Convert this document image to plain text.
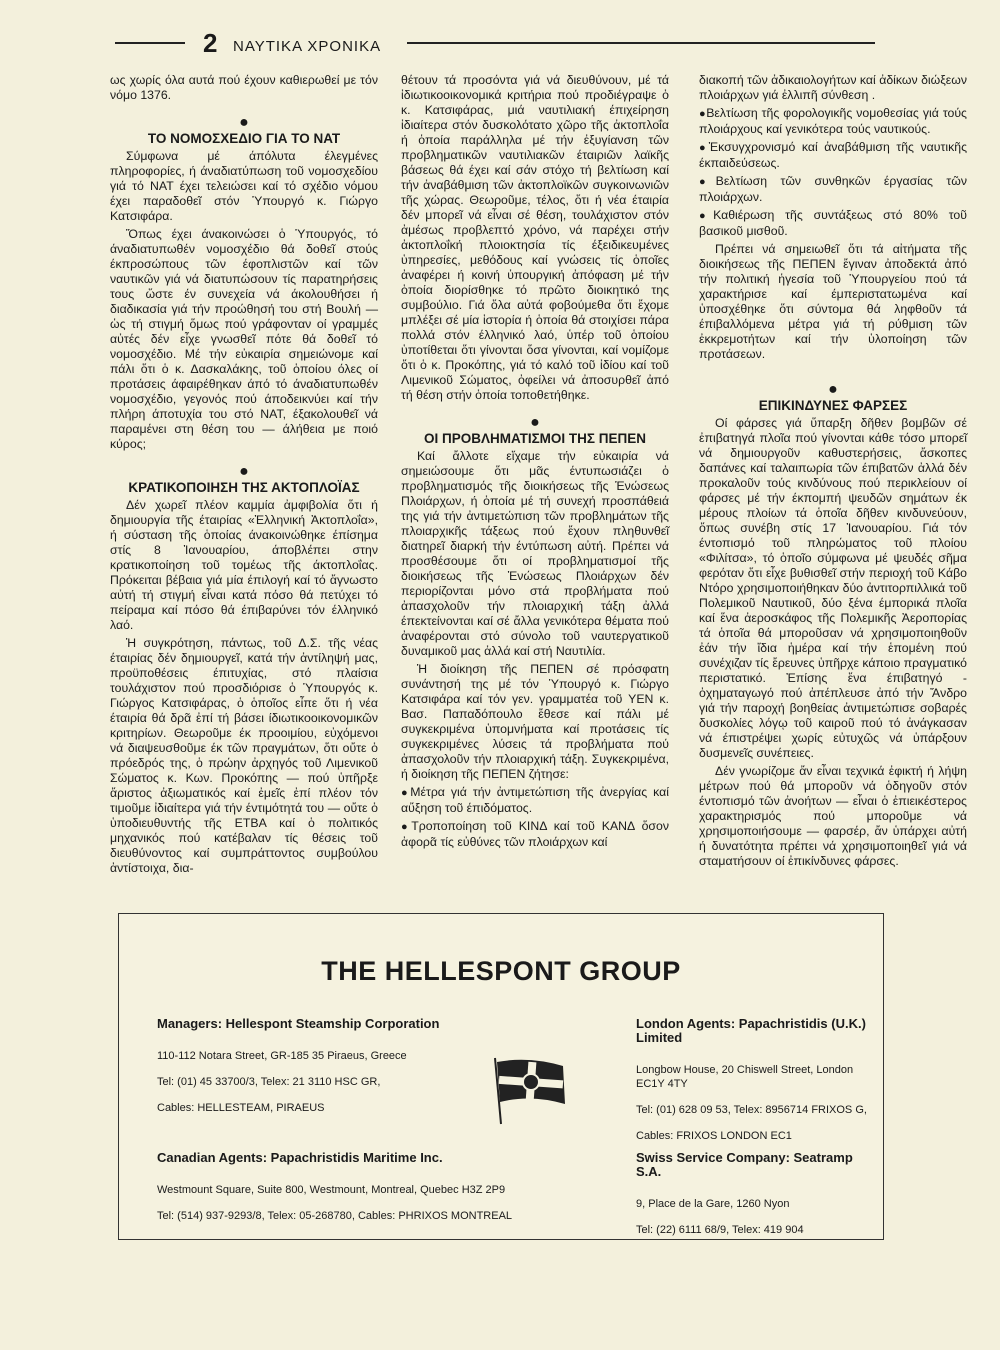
2 ΝΑΥΤΙΚΑ ΧΡΟΝΙΚΑ

ως χωρίς όλα αυτά πού έχουν καθιερωθεί με τόν νόμο 1376.

●
ΤΟ ΝΟΜΟΣΧΕΔΙΟ ΓΙΑ ΤΟ ΝΑΤ

Σύμφωνα μέ άπόλυτα έλεγμένες πληροφορίες, ή άναδιατύπωση τοῦ νομοσχεδίου γιά τό ΝΑΤ έχει τελειώσει καί τό σχέδιο νόμου έχει παραδοθεῖ στόν Ὑπουργό κ. Γιώργο Κατσιφάρα.

Ὅπως έχει άνακοινώσει ὁ Ὑπουργός, τό άναδιατυπωθέν νομοσχέδιο θά δοθεῖ στούς έκπροσώπους τῶν έφοπλιστῶν καί τῶν ναυτικῶν γιά νά διατυπώσουν τίς παρατηρήσεις τους ὥστε έν συνεχεία νά άκολουθήσει ή διαδικασία γιά τήν προώθησή του στή Βουλή — ὡς τή στιγμή ὅμως πού γράφονταν οί γραμμές αὐτές δέν εἶχε γνωσθεῖ πότε θά δοθεῖ τό νομοσχέδιο. Μέ τήν εὐκαιρία σημειώνομε καί πάλι ὅτι ὁ κ. Δασκαλάκης, τοῦ ὁποίου όλες οί προτάσεις άφαιρέθηκαν άπό τό άναδιατυπωθέν νομοσχέδιο, γεγονός πού άποδεικνύει καί τήν πλήρη άποτυχία του στό ΝΑΤ, έξακολουθεῖ νά παραμένει στη θέση του — άλήθεια με ποιό κύρος;

●
ΚΡΑΤΙΚΟΠΟΙΗΣΗ ΤΗΣ ΑΚΤΟΠΛΟΪΑΣ

Δέν χωρεῖ πλέον καμμία ἀμφιβολία ὅτι ή δημιουργία τῆς έταιρίας «Ἐλληνική Ἀκτοπλοΐα», ή σύσταση τῆς ὁποίας άνακοινώθηκε έπίσημα στίς 8 Ἰανουαρίου, άποβλέπει στην κρατικοποίηση τοῦ τομέως τῆς άκτοπλοΐας. Πρόκειται βέβαια γιά μία έπιλογή καί τό ἄγνωστο αὐτή τή στιγμή εἶναι κατά πόσο θά πετύχει τό πείραμα καί πόσο θά έπιβαρύνει τόν έλληνικό λαό.

Ἡ συγκρότηση, πάντως, τοῦ Δ.Σ. τῆς νέας έταιρίας δέν δημιουργεῖ, κατά τήν ἀντίληψή μας, προϋποθέσεις έπιτυχίας, στό πλαίσια τουλάχιστον πού προσδιόρισε ὁ Ὑπουργός κ. Γιώργος Κατσιφάρας, ὁ ὁποῖος εἶπε ὅτι ή νέα έταιρία θά δρᾶ ἐπί τή βάσει ίδιωτικοοικονομικῶν κριτηρίων. Θεωροῦμε έκ προοιμίου, εὐχόμενοι νά διαψευσθοῦμε έκ τῶν πραγμάτων, ὅτι οὔτε ὁ πρόεδρός της, ὁ πρώην ἀρχηγός τοῦ Λιμενικοῦ Σώματος κ. Κων. Προκόπης — πού ὑπῆρξε ἄριστος ἀξιωματικός καί ἐμεῖς ἐπί πλέον τόν τιμοῦμε ἰδιαίτερα γιά τήν έντιμότητά του — οὔτε ὁ ὑποδιευθυντής τῆς ΕΤΒΑ καί ὁ πολιτικός μηχανικός πού κατέβαλαν τίς θέσεις τοῦ διευθύνοντος καί συμπράττοντος συμβούλου ἀντίστοιχα, δια-

θέτουν τά προσόντα γιά νά διευθύνουν, μέ τά ἰδιωτικοοικονομικά κριτήρια πού προδιέγραψε ὁ κ. Κατσιφάρας, μιά ναυτιλιακή έπιχείρηση ἰδιαίτερα στόν δυσκολότατο χῶρο τῆς ἀκτοπλοΐα ή ὁποία παράλληλα μέ τήν ἐξυγίανση τῶν προβληματικῶν ναυτιλιακῶν έταιριῶν λαϊκῆς βάσεως θά έχει καί σάν στόχο τή βελτίωση καί τήν ἀναβάθμιση τῶν ἀκτοπλοϊκῶν συγκοινωνιῶν τῆς χώρας. Θεωροῦμε, τέλος, ὅτι ή νέα έταιρία δέν μπορεῖ νά εἶναι σέ θέση, τουλάχιστον στόν ἀμέσως προβλεπτό χρόνο, νά παρέχει στήν ἀκτοπλοΐκή πλοιοκτησία τίς έξειδικευμένες ὑπηρεσίες, μεθόδους καί γνώσεις τίς ὁποῖες ἀναφέρει ή κοινή ὑπουργική ἀπόφαση μέ τήν ὁποία διορίσθηκε τό πρῶτο διοικητικό της συμβούλιο. Γιά ὅλα αὐτά φοβούμεθα ὅτι ἔχομε μπλέξει σέ μία ἱστορία ή ὁποία θά στοιχίσει πάρα πολλά στόν έλληνικό λαό, ὑπέρ τοῦ ὁποίου ὑποτίθεται ὅτι γίνονται ὅσα γίνονται, καί νομίζομε ὅτι ὁ κ. Προκόπης, γιά τό καλό τοῦ ἰδίου καί τοῦ Λιμενικοῦ Σώματος, ὀφείλει νά ἀποσυρθεῖ ἀπό τή θέση στήν ὁποία τοποθετήθηκε.

●
ΟΙ ΠΡΟΒΛΗΜΑΤΙΣΜΟΙ ΤΗΣ ΠΕΠΕΝ

Καί ἄλλοτε εἴχαμε τήν εὐκαιρία νά σημειώσουμε ὅτι μᾶς έντυπωσιάζει ὁ προβληματισμός τῆς διοικήσεως τῆς Ἑνώσεως Πλοιάρχων, ή ὁποία μέ τή συνεχή προσπάθειά της γιά τήν ἀντιμετώπιση τῶν προβλημάτων τῆς πλοιαρχικῆς τάξεως πού ἔχουν πληθυνθεῖ διατηρεῖ διαρκή τήν έντύπωση αὐτή. Πρέπει νά προσθέσουμε ὅτι οί προβληματισμοί τῆς διοικήσεως τῆς Ἑνώσεως Πλοιάρχων δέν περιορίζονται μόνο στά προβλήματα πού ἀπασχολοῦν τήν πλοιαρχική τάξη ἀλλά έπεκτείνονται καί σέ ἄλλα γενικότερα θέματα πού ἀναφέρονται στό σύνολο τοῦ ναυτεργατικοῦ δυναμικοῦ μας ἀλλά καί στή Ναυτιλία.

Ἡ διοίκηση τῆς ΠΕΠΕΝ σέ πρόσφατη συνάντησή της μέ τόν Ὑπουργό κ. Γιώργο Κατσιφάρα καί τόν γεν. γραμματέα τοῦ ΥΕΝ κ. Βασ. Παπαδόπουλο ἔθεσε καί πάλι μέ συγκεκριμένα ὑπομνήματα καί προτάσεις τίς συγκεκριμένες λύσεις τά προβλήματα πού ἀπασχολοῦν τήν πλοιαρχική τάξη. Συγκεκριμένα, ή διοίκηση τῆς ΠΕΠΕΝ ζήτησε:

● Μέτρα γιά τήν ἀντιμετώπιση τῆς ἀνεργίας καί αὔξηση τοῦ έπιδόματος.

● Τροποποίηση τοῦ ΚΙΝΔ καί τοῦ ΚΑΝΔ ὅσον ἀφορᾶ τίς εὐθύνες τῶν πλοιάρχων καί

διακοπή τῶν ἀδικαιολογήτων καί ἀδίκων διώξεων πλοιάρχων γιά ἐλλιπῆ σύνθεση .

● Βελτίωση τῆς φορολογικῆς νομοθεσίας γιά τούς πλοιάρχους καί γενικότερα τούς ναυτικούς.

● Ἐκσυγχρονισμό καί ἀναβάθμιση τῆς ναυτικῆς έκπαιδεύσεως.

● Βελτίωση τῶν συνθηκῶν έργασίας τῶν πλοιάρχων.

● Καθιέρωση τῆς συντάξεως στό 80% τοῦ βασικοῦ μισθοῦ.

Πρέπει νά σημειωθεῖ ὅτι τά αἰτήματα τῆς διοικήσεως τῆς ΠΕΠΕΝ ἔγιναν ἀποδεκτά ἀπό τήν πολιτική ἡγεσία τοῦ Ὑπουργείου πού τά χαρακτήρισε καί έμπεριστατωμένα καί ὑποσχέθηκε ὅτι σύντομα θά ληφθοῦν τά έπιβαλλόμενα μέτρα γιά τή ρύθμιση τῶν ἐκκρεμοτήτων καί τήν ὑλοποίηση τῶν προτάσεων.

●
ΕΠΙΚΙΝΔΥΝΕΣ ΦΑΡΣΕΣ

Οί φάρσες γιά ὕπαρξη δῆθεν βομβῶν σέ ἐπιβατηγά πλοῖα πού γίνονται κάθε τόσο μπορεῖ νά δημιουργοῦν καθυστερήσεις, ἄσκοπες δαπάνες καί ταλαιπωρία τῶν έπιβατῶν ἀλλά δέν προκαλοῦν τούς κινδύνους πού περικλείουν οί φάρσες μέ τήν έκπομπή ψευδῶν σημάτων έκ μέρους πλοίων τά ὁποῖα δῆθεν κινδυνεύουν, ὅπως συνέβη στίς 17 Ἰανουαρίου. Γιά τόν έντοπισμό τοῦ πληρώματος τοῦ πλοίου «Φιλίτσα», τό ὁποῖο σύμφωνα μέ ψευδές σῆμα φερόταν ὅτι εἶχε βυθισθεῖ στήν περιοχή τοῦ Κάβο Ντόρο χρησιμοποιήθηκαν δύο ἀντιτορπιλλικά τοῦ Πολεμικοῦ Ναυτικοῦ, δύο ξένα έμπορικά πλοῖα καί ἕνα ἀεροσκάφος τῆς Πολεμικῆς Ἀεροπορίας τά ὁποῖα θά μποροῦσαν νά χρησιμοποιηθοῦν ἐάν τήν ἴδια ἡμέρα καί τήν ἑπομένη πού συνέχιζαν τίς ἔρευνες ὑπῆρχε κάποιο πραγματικό περιστατικό. Ἐπίσης ἕνα έπιβατηγό - ὀχηματαγωγό πού ἀπέπλευσε ἀπό τήν Ἄνδρο γιά τήν παροχή βοηθείας ἀντιμετώπισε σοβαρές δυσκολίες λόγῳ τοῦ καιροῦ πού τό ἀνάγκασαν νά έπιστρέψει χωρίς εὐτυχῶς νά ὑπάρξουν δυσμενεῖς συνέπειες.

Δέν γνωρίζομε ἄν εἶναι τεχνικά ἐφικτή ή λήψη μέτρων πού θά μποροῦν νά ὁδηγοῦν στόν έντοπισμό τῶν ἀνοήτων — εἶναι ὁ ἐπιεικέστερος χαρακτηρισμός πού μποροῦμε νά χρησιμοποιήσουμε — φαρσέρ, ἄν ὑπάρχει αὐτή ή δυνατότητα πρέπει νά χρησιμοποιηθεῖ γιά νά σταματήσουν οί ἐπικίνδυνες φάρσες.

THE HELLESPONT GROUP
Managers: Hellespont Steamship Corporation
110-112 Notara Street, GR-185 35 Piraeus, Greece
Tel: (01) 45 33700/3, Telex: 21 3110 HSC GR,
Cables: HELLESTEAM, PIRAEUS
London Agents: Papachristidis (U.K.) Limited
Longbow House, 20 Chiswell Street, London EC1Y 4TY
Tel: (01) 628 09 53, Telex: 8956714 FRIXOS G,
Cables: FRIXOS LONDON EC1
Canadian Agents: Papachristidis Maritime Inc.
Westmount Square, Suite 800, Westmount, Montreal, Quebec H3Z 2P9
Tel: (514) 937-9293/8, Telex: 05-268780, Cables: PHRIXOS MONTREAL
Swiss Service Company: Seatramp S.A.
9, Place de la Gare, 1260 Nyon
Tel: (22) 6111 68/9, Telex: 419 904
